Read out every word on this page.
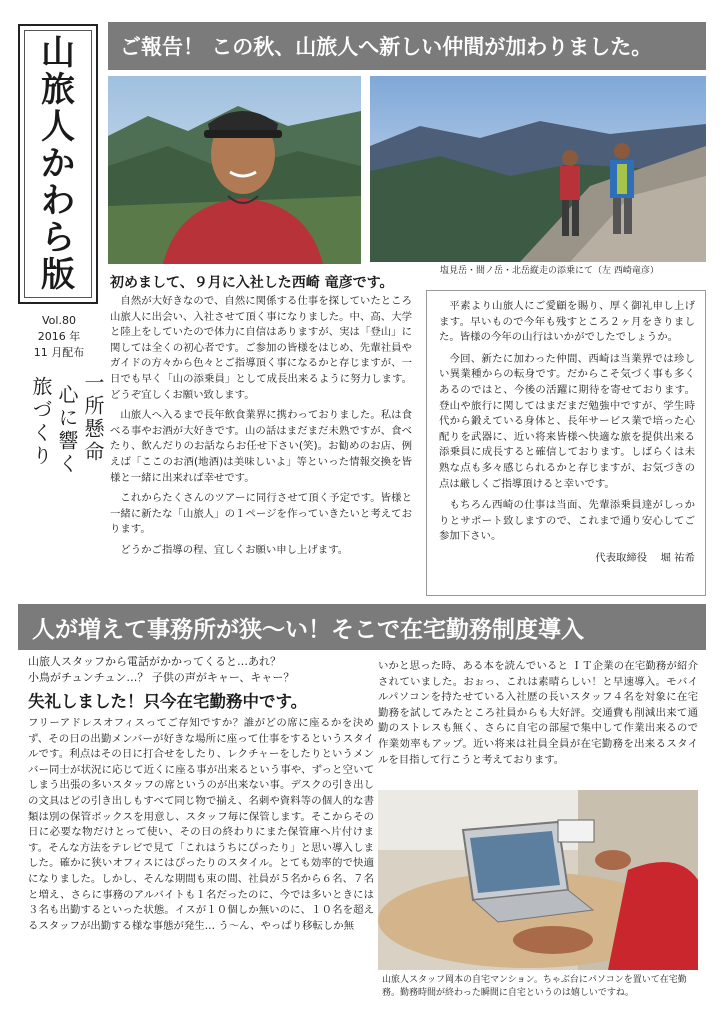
山旅人かわら版
Vol.80
2016 年
11 月配布
一所懸命
心に響く
旅づくり
ご報告！ この秋、山旅人へ新しい仲間が加わりました。
塩見岳・間ノ岳・北岳縦走の添乗にて（左 西崎竜彦）
初めまして、９月に入社した西崎 竜彦です。

自然が大好きなので、自然に関係する仕事を探していたところ山旅人に出会い、入社させて頂く事になりました。中、高、大学と陸上をしていたので体力に自信はありますが、実は「登山」に関しては全くの初心者です。ご参加の皆様をはじめ、先輩社員やガイドの方々から色々とご指導頂く事になるかと存じますが、一日でも早く「山の添乗員」として成長出来るように努力します。どうぞ宜しくお願い致します。

山旅人へ入るまで長年飲食業界に携わっておりました。私は食べる事やお酒が大好きです。山の話はまだまだ未熟ですが、食べたり、飲んだりのお話ならお任せ下さい(笑)。お勧めのお店、例えば「ここのお酒(地酒)は美味しいよ」等といった情報交換を皆様と一緒に出来れば幸せです。

これからたくさんのツアーに同行させて頂く予定です。皆様と一緒に新たな「山旅人」の１ページを作っていきたいと考えております。

どうかご指導の程、宜しくお願い申し上げます。

平素より山旅人にご愛顧を賜り、厚く御礼申し上げます。早いもので今年も残すところ２ヶ月をきりました。皆様の今年の山行はいかがでしたでしょうか。

今回、新たに加わった仲間、西崎は当業界では珍しい異業種からの転身です。だからこそ気づく事も多くあるのではと、今後の活躍に期待を寄せております。登山や旅行に関してはまだまだ勉強中ですが、学生時代から鍛えている身体と、長年サービス業で培った心配りを武器に、近い将来皆様へ快適な旅を提供出来る添乗員に成長すると確信しております。しばらくは未熟な点も多々感じられるかと存じますが、お気づきの点は厳しくご指導頂けると幸いです。

もちろん西崎の仕事は当面、先輩添乗員達がしっかりとサポート致しますので、これまで通り安心してご参加下さい。

代表取締役 堀 祐希
人が増えて事務所が狭～い！そこで在宅勤務制度導入
山旅人スタッフから電話がかかってくると…あれ？
小鳥がチュンチュン…？ 子供の声がキャー、キャー？
失礼しました！只今在宅勤務中です。
フリーアドレスオフィスってご存知ですか？誰がどの席に座るかを決めず、その日の出勤メンバーが好きな場所に座って仕事をするというスタイルです。利点はその日に打合せをしたり、レクチャーをしたりというメンバー同士が状況に応じて近くに座る事が出来るという事や、ずっと空いてしまう出張の多いスタッフの席というのが出来ない事。デスクの引き出しの文具はどの引き出しもすべて同じ物で揃え、名刺や資料等の個人的な書類は別の保管ボックスを用意し、スタッフ毎に保管します。そこからその日に必要な物だけとって使い、その日の終わりにまた保管庫へ片付けます。そんな方法をテレビで見て「これはうちにぴったり」と思い導入しました。確かに狭いオフィスにはぴったりのスタイル。とても効率的で快適になりました。しかし、そんな期間も束の間、社員が５名から６名、７名と増え、さらに事務のアルバイトも１名だったのに、今では多いときには３名も出勤するといった状態。イスが１０個しか無いのに、１０名を超えるスタッフが出勤する様な事態が発生… う～ん、やっぱり移転しか無
いかと思った時、ある本を読んでいると ＩＴ企業の在宅勤務が紹介されていました。おぉっ、これは素晴らしい！と早速導入。モバイルパソコンを持たせている入社歴の長いスタッフ４名を対象に在宅勤務を試してみたところ社員からも大好評。交通費も削減出来て通勤のストレスも無く、さらに自宅の部屋で集中して作業出来るので作業効率もアップ。近い将来は社員全員が在宅勤務を出来るスタイルを目指して行こうと考えております。
山旅人スタッフ岡本の自宅マンション。ちゃぶ台にパソコンを置いて在宅勤務。勤務時間が終わった瞬間に自宅というのは嬉しいですね。
